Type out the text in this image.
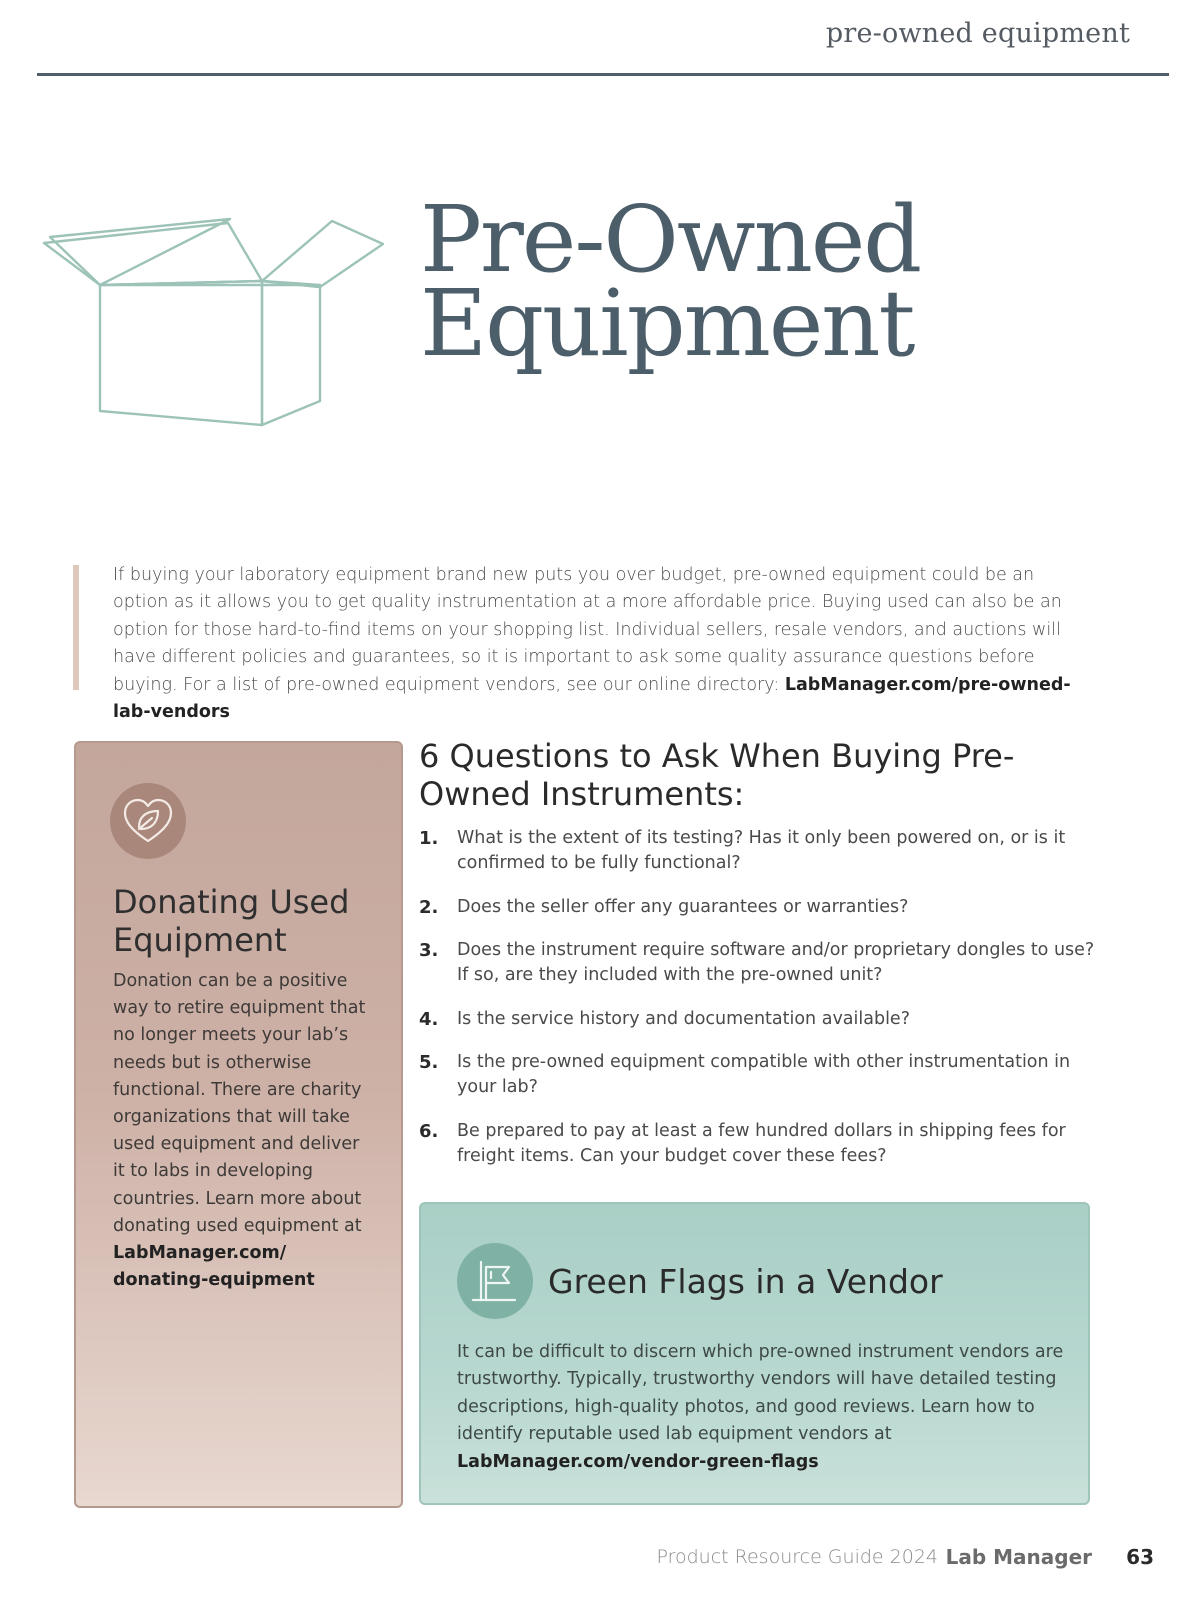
pre-owned equipment
Pre-Owned
Equipment

If buying your laboratory equipment brand new puts you over budget, pre-owned equipment could be an option as it allows you to get quality instrumentation at a more affordable price. Buying used can also be an option for those hard-to-find items on your shopping list. Individual sellers, resale vendors, and auctions will have different policies and guarantees, so it is important to ask some quality assurance questions before buying. For a list of pre-owned equipment vendors, see our online directory: LabManager.com/pre-owned-lab-vendors

Donating Used Equipment

Donation can be a positive way to retire equipment that no longer meets your lab’s needs but is otherwise functional. There are charity organizations that will take used equipment and deliver it to labs in developing countries. Learn more about donating used equipment at LabManager.com/ donating-equipment

6 Questions to Ask When Buying Pre-Owned Instruments:
1. What is the extent of its testing? Has it only been powered on, or is it confirmed to be fully functional?
2. Does the seller offer any guarantees or warranties?
3. Does the instrument require software and/or proprietary dongles to use? If so, are they included with the pre-owned unit?
4. Is the service history and documentation available?
5. Is the pre-owned equipment compatible with other instrumentation in your lab?
6. Be prepared to pay at least a few hundred dollars in shipping fees for freight items. Can your budget cover these fees?
Green Flags in a Vendor

It can be difficult to discern which pre-owned instrument vendors are trustworthy. Typically, trustworthy vendors will have detailed testing descriptions, high-quality photos, and good reviews. Learn how to identify reputable used lab equipment vendors at LabManager.com/vendor-green-flags

Product Resource Guide 2024 Lab Manager 63
